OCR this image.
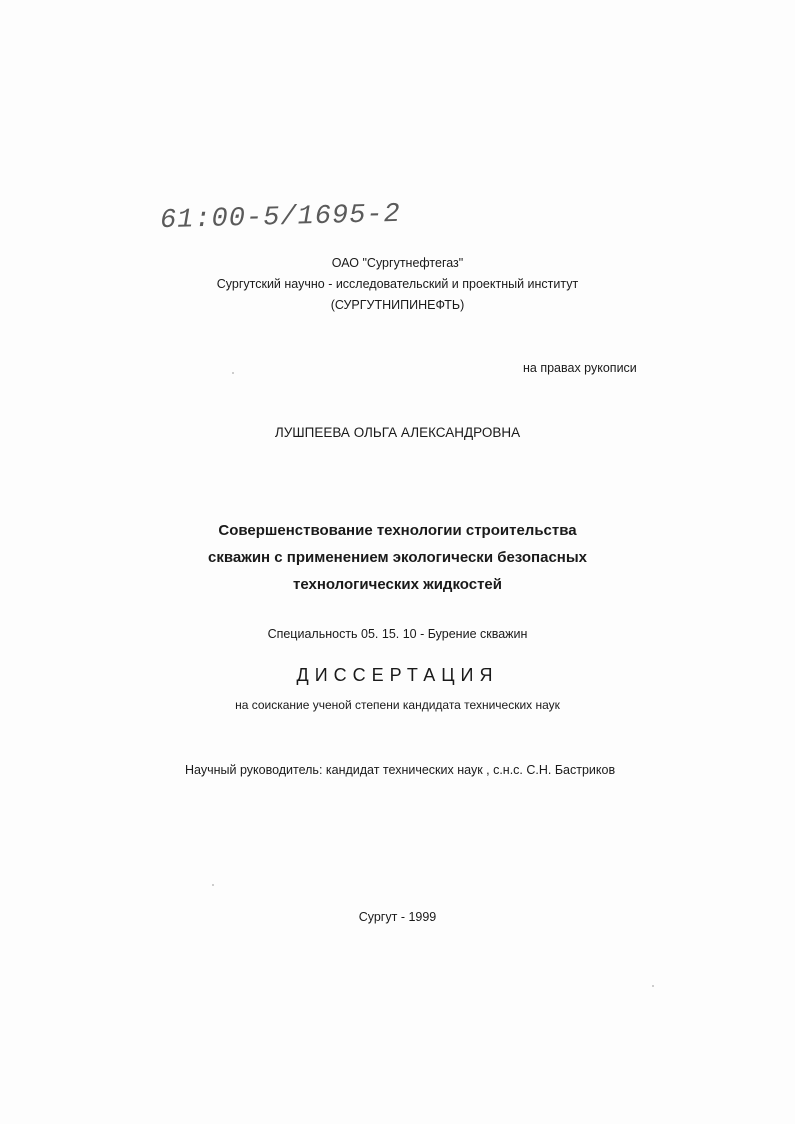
61:00-5/1695-2

ОАО "Сургутнефтегаз"

Сургутский научно - исследовательский и проектный институт

(СУРГУТНИПИНЕФТЬ)

на правах рукописи

ЛУШПЕЕВА ОЛЬГА АЛЕКСАНДРОВНА

Совершенствование технологии строительства
скважин с применением экологически безопасных
технологических жидкостей

Специальность 05. 15. 10 - Бурение скважин

ДИССЕРТАЦИЯ

на соискание ученой степени кандидата технических наук

Научный руководитель: кандидат технических наук , с.н.с. С.Н. Бастриков

Сургут - 1999
